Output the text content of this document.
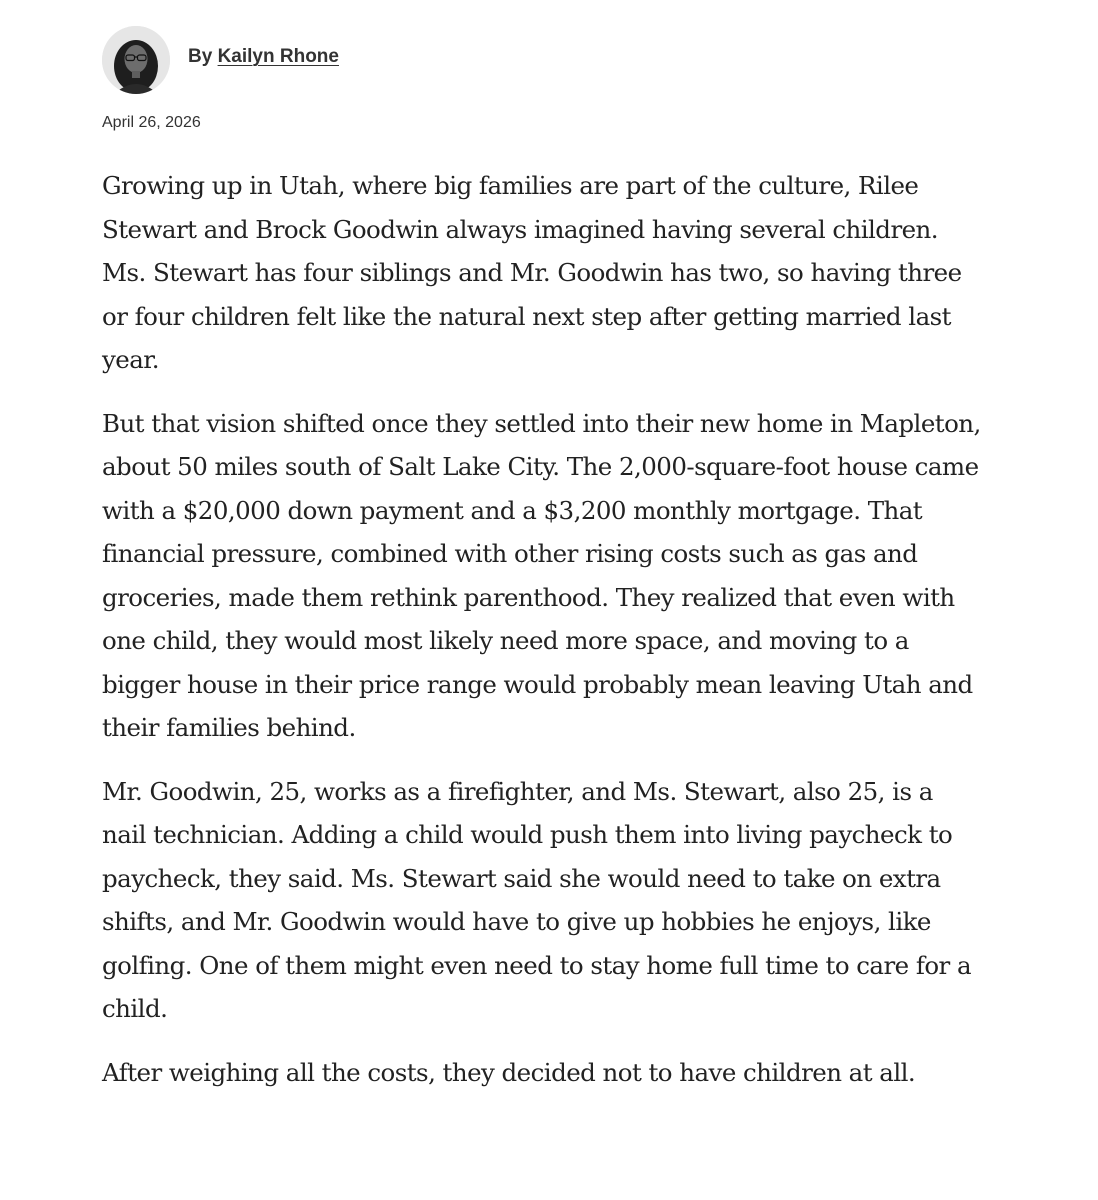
By Kailyn Rhone
April 26, 2026

Growing up in Utah, where big families are part of the culture, Rilee Stewart and Brock Goodwin always imagined having several children. Ms. Stewart has four siblings and Mr. Goodwin has two, so having three or four children felt like the natural next step after getting married last year.

But that vision shifted once they settled into their new home in Mapleton, about 50 miles south of Salt Lake City. The 2,000-square-foot house came with a $20,000 down payment and a $3,200 monthly mortgage. That financial pressure, combined with other rising costs such as gas and groceries, made them rethink parenthood. They realized that even with one child, they would most likely need more space, and moving to a bigger house in their price range would probably mean leaving Utah and their families behind.

Mr. Goodwin, 25, works as a firefighter, and Ms. Stewart, also 25, is a nail technician. Adding a child would push them into living paycheck to paycheck, they said. Ms. Stewart said she would need to take on extra shifts, and Mr. Goodwin would have to give up hobbies he enjoys, like golfing. One of them might even need to stay home full time to care for a child.

After weighing all the costs, they decided not to have children at all.
